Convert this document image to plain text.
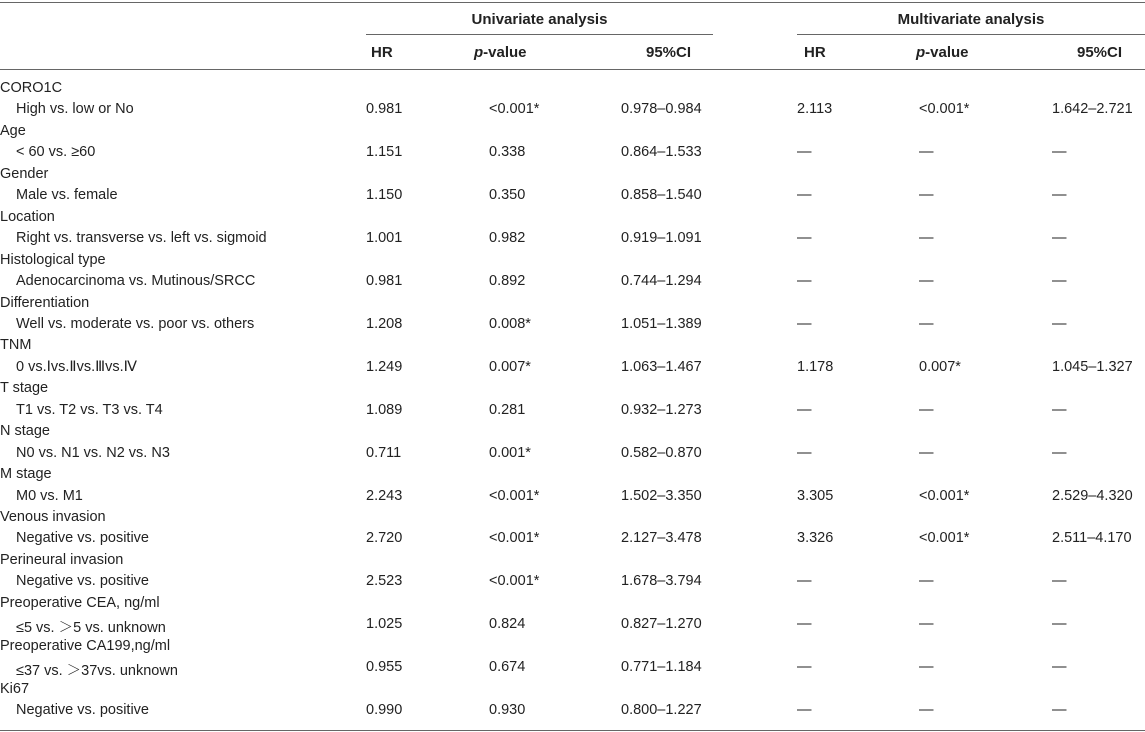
Univariate analysis	Multivariate analysis
HR	p-value	95%CI	HR	p-value	95%CI
CORO1C
High vs. low or No	0.981	<0.001*	0.978–0.984	2.113	<0.001*	1.642–2.721
Age
< 60 vs. ≥60	1.151	0.338	0.864–1.533	—	—	—
Gender
Male vs. female	1.150	0.350	0.858–1.540	—	—	—
Location
Right vs. transverse vs. left vs. sigmoid	1.001	0.982	0.919–1.091	—	—	—
Histological type
Adenocarcinoma vs. Mutinous/SRCC	0.981	0.892	0.744–1.294	—	—	—
Differentiation
Well vs. moderate vs. poor vs. others	1.208	0.008*	1.051–1.389	—	—	—
TNM
0 vs.Ⅰvs.Ⅱvs.Ⅲvs.Ⅳ	1.249	0.007*	1.063–1.467	1.178	0.007*	1.045–1.327
T stage
T1 vs. T2 vs. T3 vs. T4	1.089	0.281	0.932–1.273	—	—	—
N stage
N0 vs. N1 vs. N2 vs. N3	0.711	0.001*	0.582–0.870	—	—	—
M stage
M0 vs. M1	2.243	<0.001*	1.502–3.350	3.305	<0.001*	2.529–4.320
Venous invasion
Negative vs. positive	2.720	<0.001*	2.127–3.478	3.326	<0.001*	2.511–4.170
Perineural invasion
Negative vs. positive	2.523	<0.001*	1.678–3.794	—	—	—
Preoperative CEA, ng/ml
≤5 vs. ＞5 vs. unknown	1.025	0.824	0.827–1.270	—	—	—
Preoperative CA199,ng/ml
≤37 vs. ＞37vs. unknown	0.955	0.674	0.771–1.184	—	—	—
Ki67
Negative vs. positive	0.990	0.930	0.800–1.227	—	—	—
